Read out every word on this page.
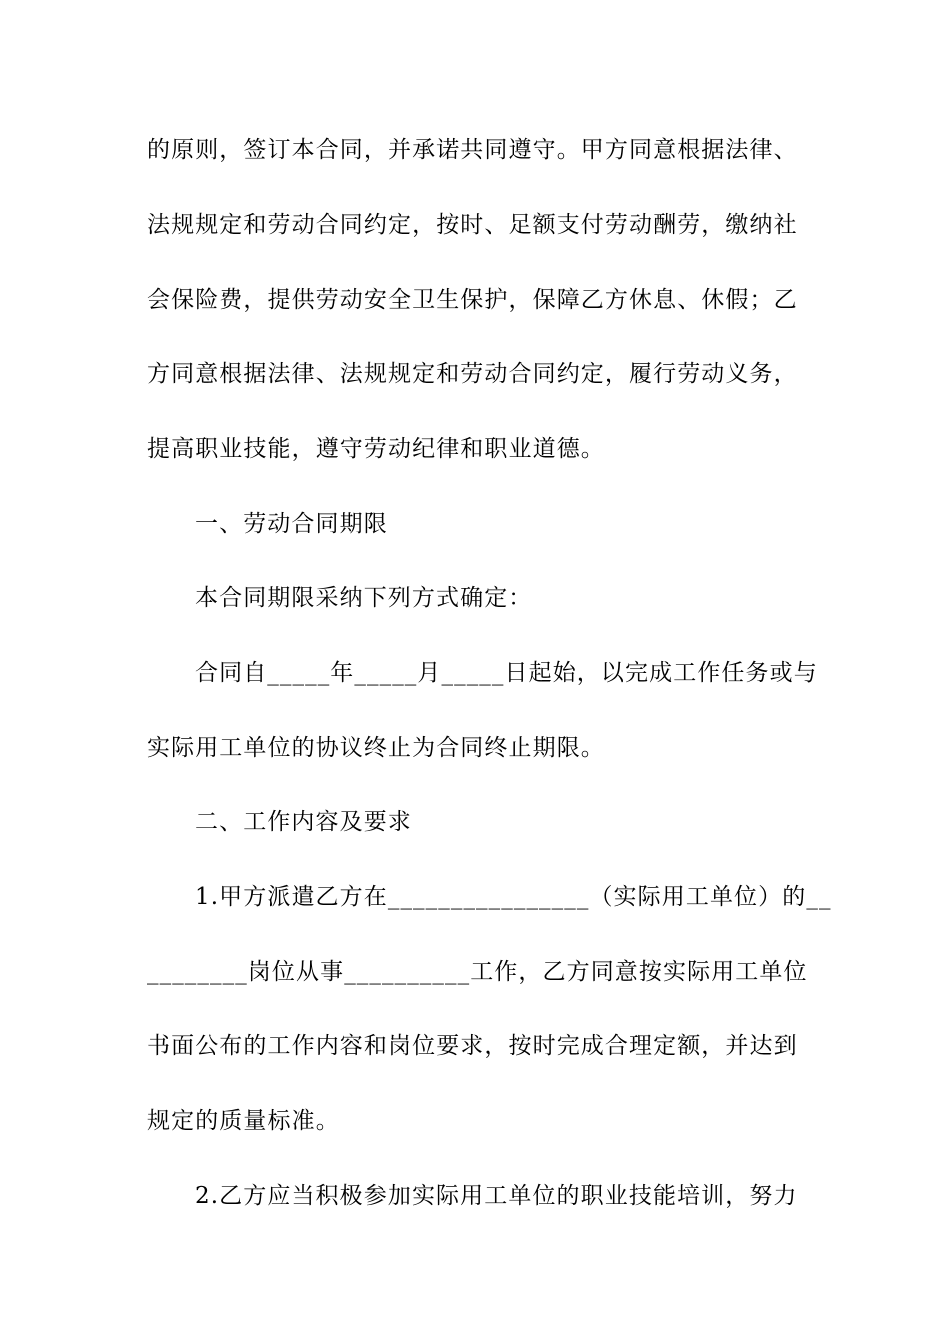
的原则，签订本合同，并承诺共同遵守。甲方同意根据法律、
法规规定和劳动合同约定，按时、足额支付劳动酬劳，缴纳社
会保险费，提供劳动安全卫生保护，保障乙方休息、休假；乙
方同意根据法律、法规规定和劳动合同约定，履行劳动义务，
提高职业技能，遵守劳动纪律和职业道德。
一、劳动合同期限
本合同期限采纳下列方式确定：
合同自_____年_____月_____日起始，以完成工作任务或与
实际用工单位的协议终止为合同终止期限。
二、工作内容及要求
1.甲方派遣乙方在________________（实际用工单位）的__
________岗位从事__________工作，乙方同意按实际用工单位
书面公布的工作内容和岗位要求，按时完成合理定额，并达到
规定的质量标准。
2.乙方应当积极参加实际用工单位的职业技能培训，努力
